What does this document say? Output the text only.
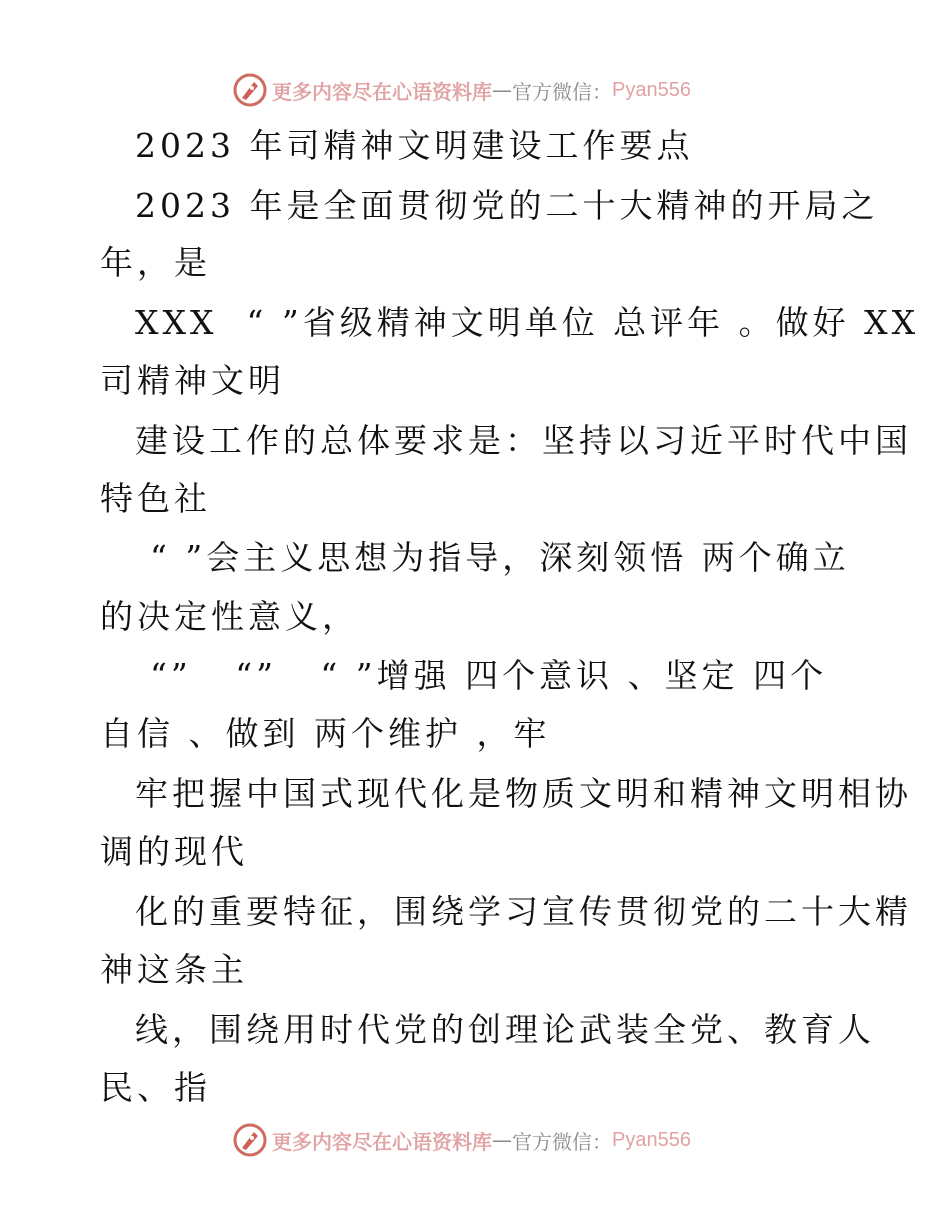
更多内容尽在心语资料库 — 官方微信： Pyan556
2023 年司精神文明建设工作要点
2023 年是全面贯彻党的二十大精神的开局之
年，是
XXX  “ ”省级精神文明单位 总评年 。做好 XX
司精神文明
建设工作的总体要求是：坚持以习近平时代中国
特色社
“ ”会主义思想为指导，深刻领悟 两个确立
的决定性意义，
“”   “”   “ ”增强 四个意识 、坚定 四个
自信 、做到 两个维护 ，牢
牢把握中国式现代化是物质文明和精神文明相协
调的现代
化的重要特征，围绕学习宣传贯彻党的二十大精
神这条主
线，围绕用时代党的创理论武装全党、教育人
民、指
更多内容尽在心语资料库 — 官方微信： Pyan556
